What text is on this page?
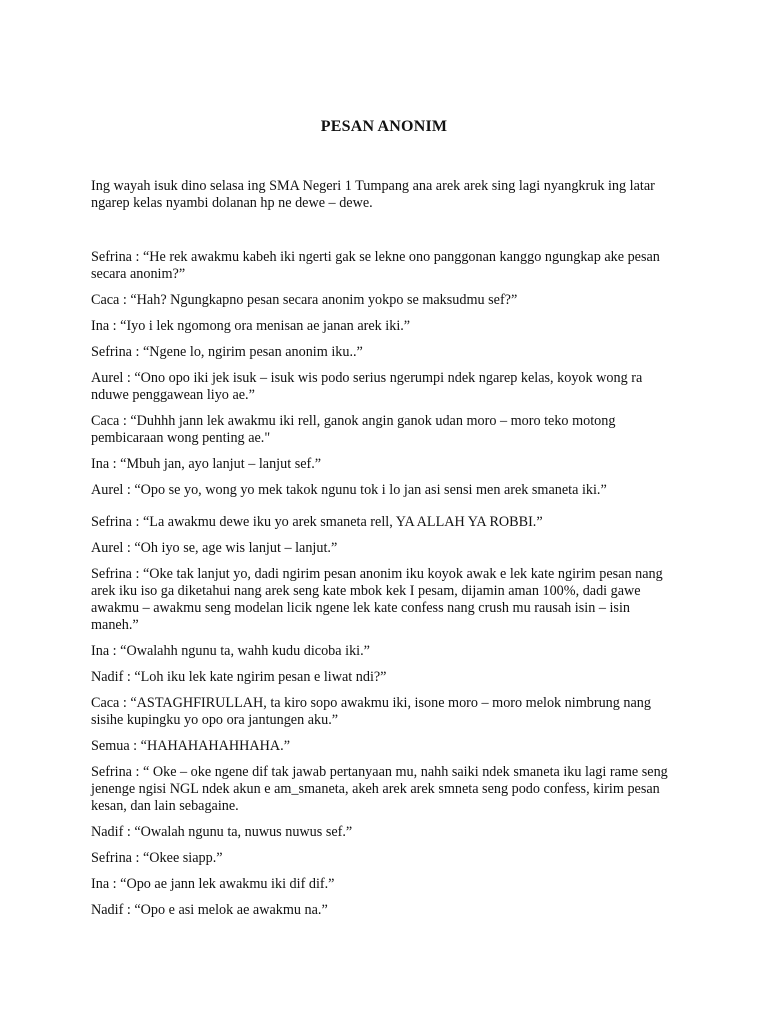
PESAN ANONIM
Ing wayah isuk dino selasa ing SMA Negeri 1 Tumpang ana arek arek sing lagi nyangkruk ing latar ngarep kelas nyambi dolanan hp ne dewe – dewe.

Sefrina : “He rek awakmu kabeh iki ngerti gak se lekne ono panggonan kanggo ngungkap ake pesan secara anonim?”

Caca : “Hah? Ngungkapno pesan secara anonim yokpo se maksudmu sef?”

Ina : “Iyo i lek ngomong ora menisan ae janan arek iki.”

Sefrina : “Ngene lo, ngirim pesan anonim iku..”

Aurel : “Ono opo iki jek isuk – isuk wis podo serius ngerumpi ndek ngarep kelas, koyok wong ra nduwe penggawean liyo ae.”

Caca : “Duhhh jann lek awakmu iki rell, ganok angin ganok udan moro – moro teko motong pembicaraan wong penting ae."

Ina : “Mbuh jan, ayo lanjut – lanjut sef.”

Aurel : “Opo se yo, wong yo mek takok ngunu tok i lo jan asi sensi men arek smaneta iki.”

Sefrina : “La awakmu dewe iku yo arek smaneta rell, YA ALLAH YA ROBBI.”

Aurel : “Oh iyo se, age wis lanjut – lanjut.”

Sefrina : “Oke tak lanjut yo, dadi ngirim pesan anonim iku koyok awak e lek kate ngirim pesan nang arek iku iso ga diketahui nang arek seng kate mbok kek I pesam, dijamin aman 100%, dadi gawe awakmu – awakmu seng modelan licik ngene lek kate confess nang crush mu rausah isin – isin maneh.”

Ina : “Owalahh ngunu ta, wahh kudu dicoba iki.”

Nadif : “Loh iku lek kate ngirim pesan e liwat ndi?”

Caca : “ASTAGHFIRULLAH, ta kiro sopo awakmu iki, isone moro – moro melok nimbrung nang sisihe kupingku yo opo ora jantungen aku.”

Semua : “HAHAHAHAHHAHA.”

Sefrina : “ Oke – oke ngene dif tak jawab pertanyaan mu, nahh saiki ndek smaneta iku lagi rame seng jenenge ngisi NGL ndek akun e am_smaneta, akeh arek arek smneta seng podo confess, kirim pesan kesan, dan lain sebagaine.

Nadif : “Owalah ngunu ta, nuwus nuwus sef.”

Sefrina : “Okee siapp.”

Ina : “Opo ae jann lek awakmu iki dif dif.”

Nadif : “Opo e asi melok ae awakmu na.”
